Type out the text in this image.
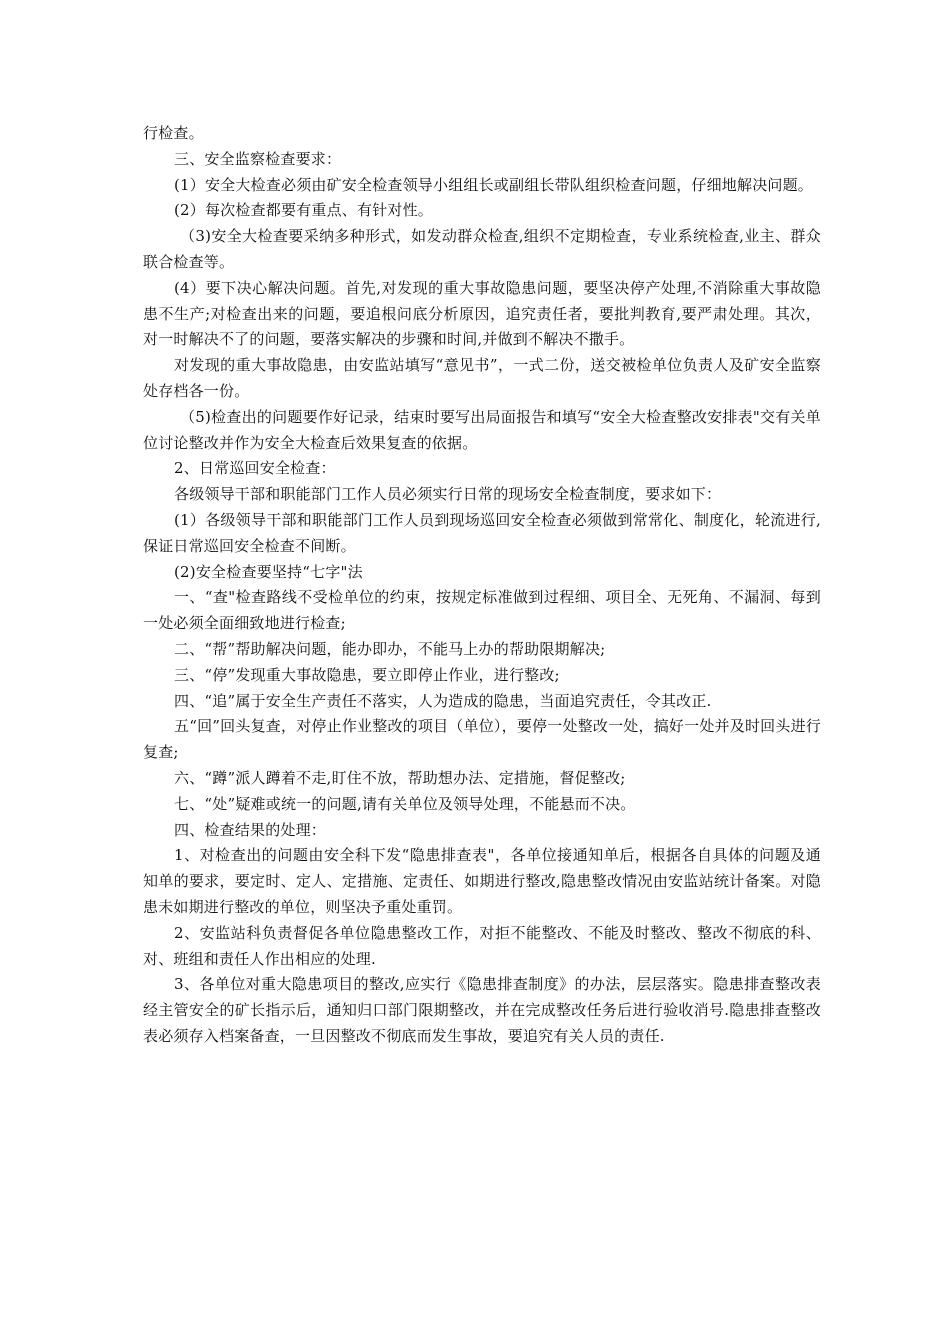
行检查。

三、安全监察检查要求：

(1）安全大检查必须由矿安全检查领导小组组长或副组长带队组织检查问题，仔细地解决问题。

(2）每次检查都要有重点、有针对性。

（3)安全大检查要采纳多种形式，如发动群众检查,组织不定期检查，专业系统检查,业主、群众联合检查等。

(4）要下决心解决问题。首先,对发现的重大事故隐患问题，要坚决停产处理,不消除重大事故隐患不生产;对检查出来的问题，要追根问底分析原因，追究责任者，要批判教育,要严肃处理。其次，对一时解决不了的问题，要落实解决的步骤和时间,并做到不解决不撒手。

对发现的重大事故隐患，由安监站填写“意见书”，一式二份，送交被检单位负责人及矿安全监察处存档各一份。

（5)检查出的问题要作好记录，结束时要写出局面报告和填写“安全大检查整改安排表"交有关单位讨论整改并作为安全大检查后效果复查的依据。

2、日常巡回安全检查：

各级领导干部和职能部门工作人员必须实行日常的现场安全检查制度，要求如下：

(1）各级领导干部和职能部门工作人员到现场巡回安全检查必须做到常常化、制度化，轮流进行,保证日常巡回安全检查不间断。

(2)安全检查要坚持“七字"法

一、“查"检查路线不受检单位的约束，按规定标准做到过程细、项目全、无死角、不漏洞、每到一处必须全面细致地进行检查;

二、“帮”帮助解决问题，能办即办，不能马上办的帮助限期解决;

三、“停”发现重大事故隐患，要立即停止作业，进行整改;

四、“追”属于安全生产责任不落实，人为造成的隐患，当面追究责任，令其改正.

五“回”回头复查，对停止作业整改的项目（单位），要停一处整改一处，搞好一处并及时回头进行复查;

六、“蹲”派人蹲着不走,盯住不放，帮助想办法、定措施，督促整改;

七、“处”疑难或统一的问题,请有关单位及领导处理，不能悬而不决。

四、检查结果的处理：

1、对检查出的问题由安全科下发“隐患排查表"，各单位接通知单后，根据各自具体的问题及通知单的要求，要定时、定人、定措施、定责任、如期进行整改,隐患整改情况由安监站统计备案。对隐患未如期进行整改的单位，则坚决予重处重罚。

2、安监站科负责督促各单位隐患整改工作，对拒不能整改、不能及时整改、整改不彻底的科、对、班组和责任人作出相应的处理.

3、各单位对重大隐患项目的整改,应实行《隐患排查制度》的办法，层层落实。隐患排查整改表经主管安全的矿长指示后，通知归口部门限期整改，并在完成整改任务后进行验收消号.隐患排查整改表必须存入档案备查，一旦因整改不彻底而发生事故，要追究有关人员的责任.
